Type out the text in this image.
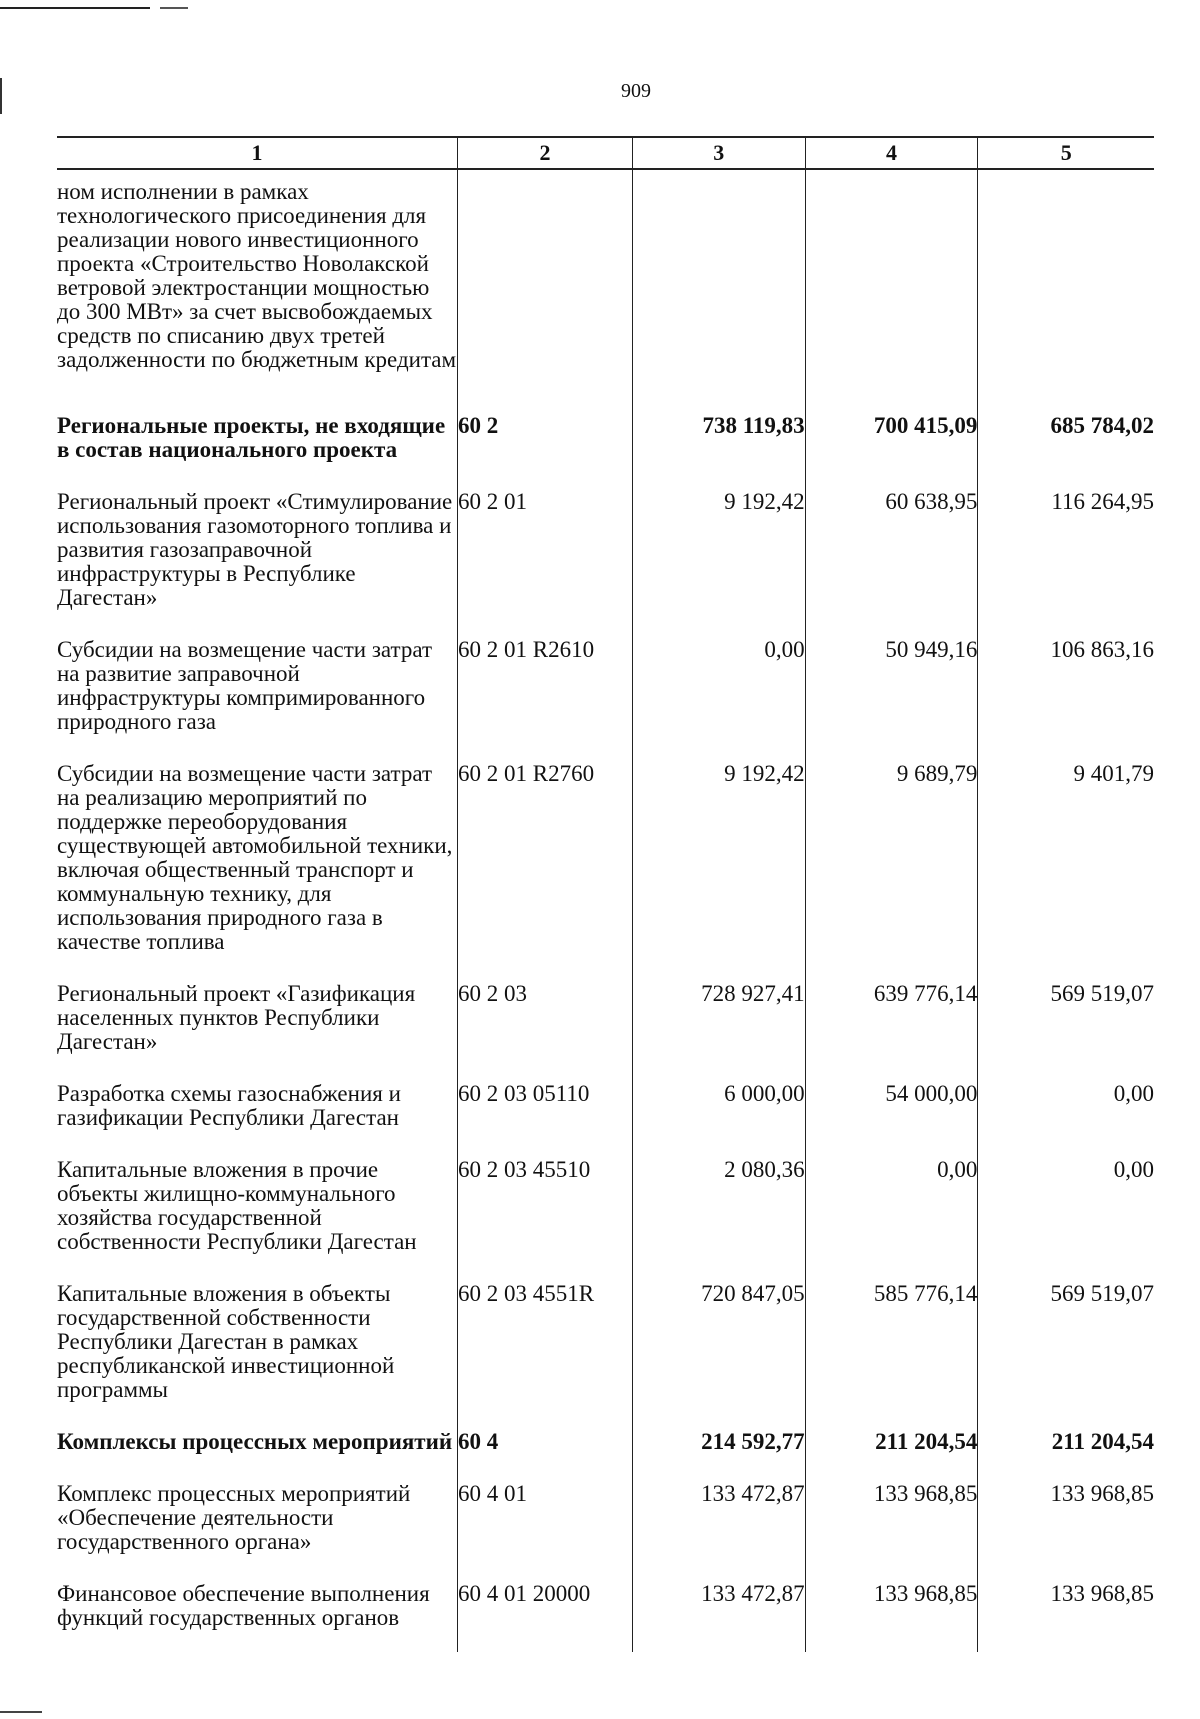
909
1	2	3	4	5
ном исполнении в рамках технологического присоединения для реализации нового инвестиционного проекта «Строительство Новолакской ветровой электростанции мощностью до 300 МВт» за счет высвобождаемых средств по списанию двух третей задолженности по бюджетным кредитам				
Региональные проекты, не входящие в состав национального проекта	60 2	738 119,83	700 415,09	685 784,02
Региональный проект «Стимулирование использования газомоторного топлива и развития газозаправочной инфраструктуры в Республике Дагестан»	60 2 01	9 192,42	60 638,95	116 264,95
Субсидии на возмещение части затрат на развитие заправочной инфраструктуры компримированного природного газа	60 2 01 R2610	0,00	50 949,16	106 863,16
Субсидии на возмещение части затрат на реализацию мероприятий по поддержке переоборудования существующей автомобильной техники, включая общественный транспорт и коммунальную технику, для использования природного газа в качестве топлива	60 2 01 R2760	9 192,42	9 689,79	9 401,79
Региональный проект «Газификация населенных пунктов Республики Дагестан»	60 2 03	728 927,41	639 776,14	569 519,07
Разработка схемы газоснабжения и газификации Республики Дагестан	60 2 03 05110	6 000,00	54 000,00	0,00
Капитальные вложения в прочие объекты жилищно-коммунального хозяйства государственной собственности Республики Дагестан	60 2 03 45510	2 080,36	0,00	0,00
Капитальные вложения в объекты государственной собственности Республики Дагестан в рамках республиканской инвестиционной программы	60 2 03 4551R	720 847,05	585 776,14	569 519,07
Комплексы процессных мероприятий	60 4	214 592,77	211 204,54	211 204,54
Комплекс процессных мероприятий «Обеспечение деятельности государственного органа»	60 4 01	133 472,87	133 968,85	133 968,85
Финансовое обеспечение выполнения функций государственных органов	60 4 01 20000	133 472,87	133 968,85	133 968,85
